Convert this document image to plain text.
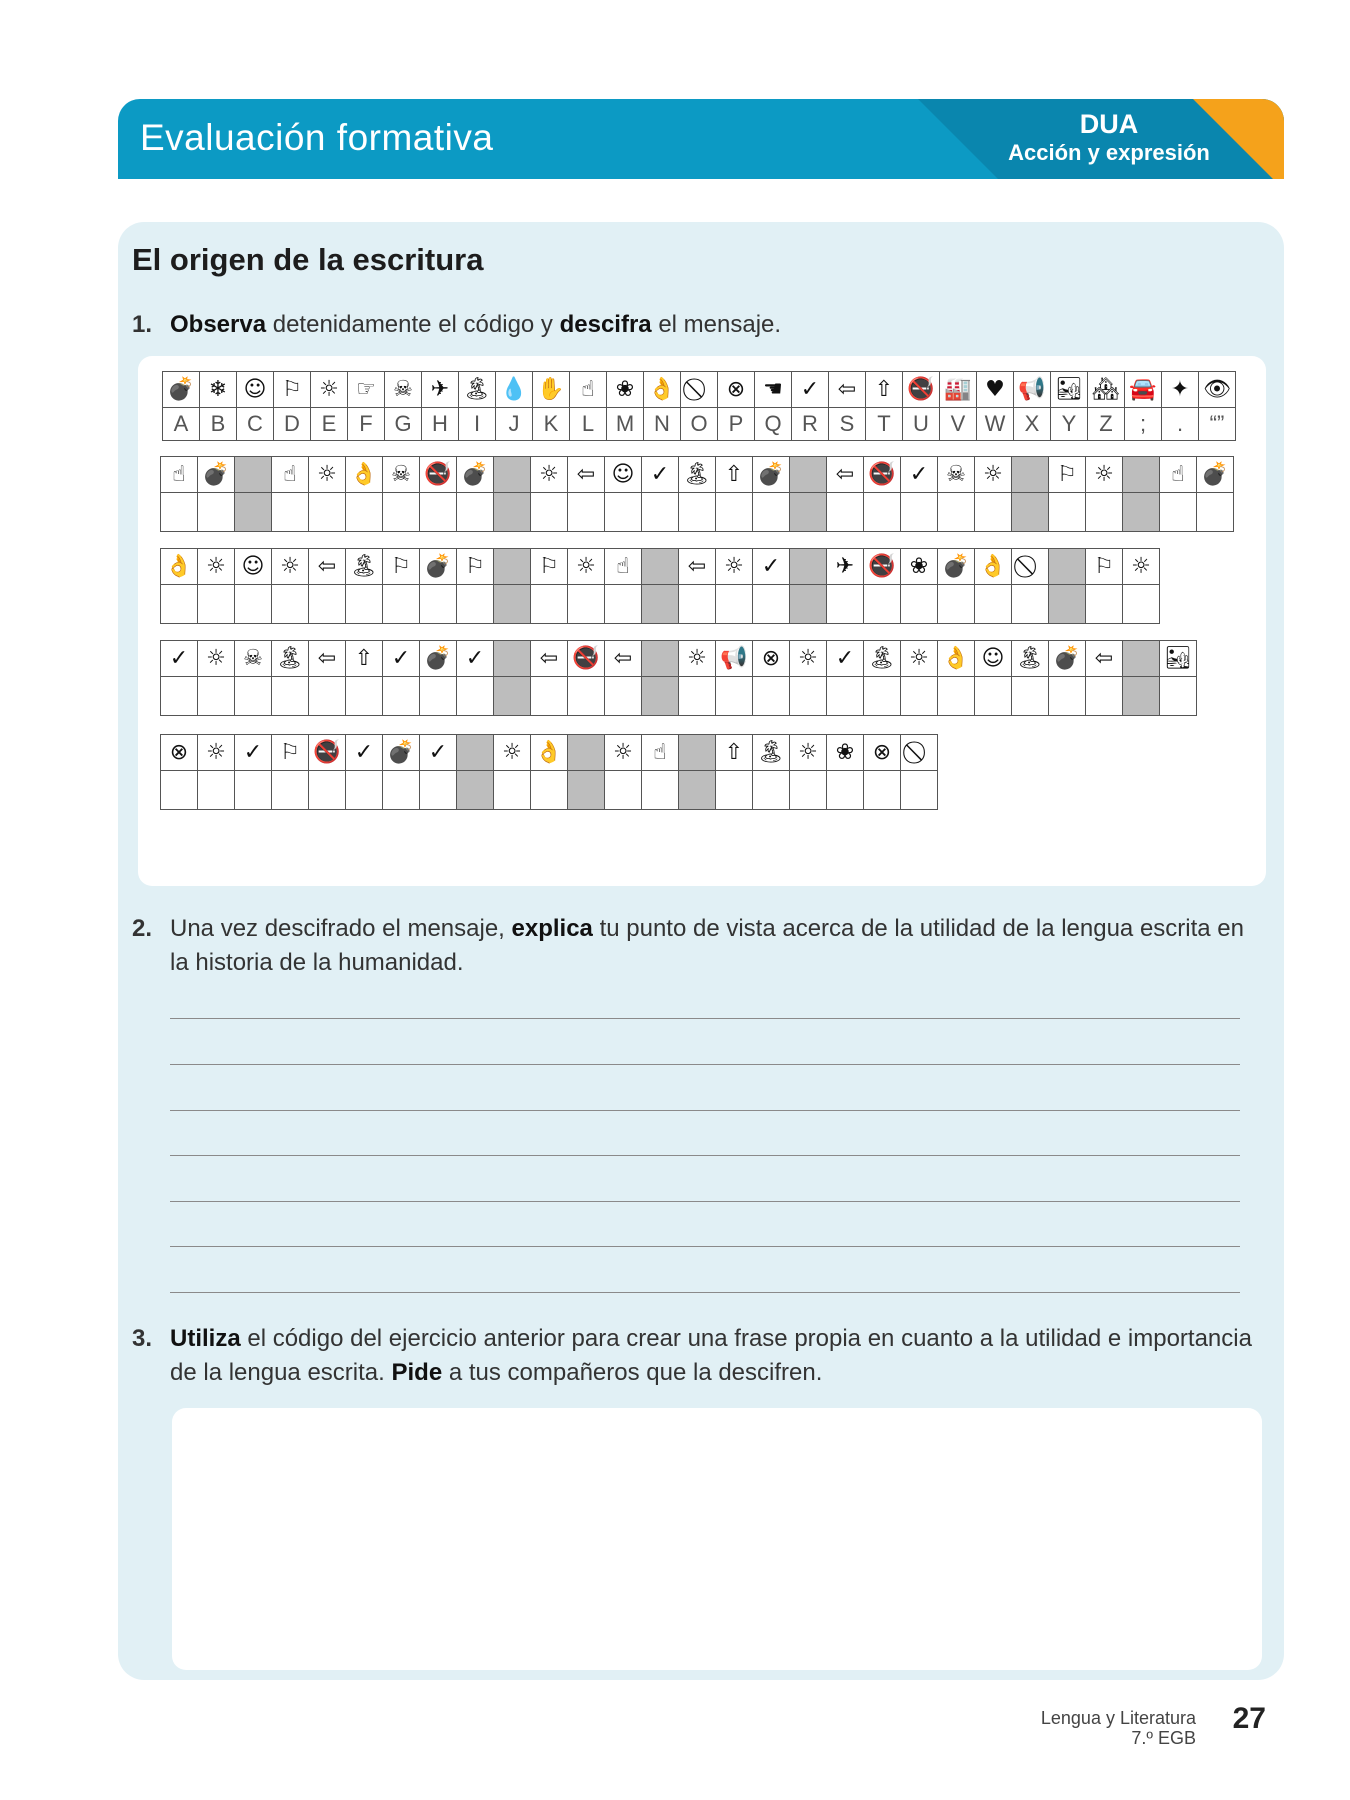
Evaluación formativa	DUA
Acción y expresión
El origen de la escritura
1. Observa detenidamente el código y descifra el mensaje.
💣	❄	☺	⚐	☼	☞	☠	✈	🏝	💧	✋	☝	❀	👌		⊗	☚	✓	⇦	⇧	🚭	🏭	♥	📢	🏜	🏘	🚘	✦	👁
A	B	C	D	E	F	G	H	I	J	K	L	M	N	O	P	Q	R	S	T	U	V	W	X	Y	Z	;	.	“”
☝	💣		☝	☼	👌	☠	🚭	💣		☼	⇦	☺	✓	🏝	⇧	💣		⇦	🚭	✓	☠	☼		⚐	☼		☝	💣

👌	☼	☺	☼	⇦	🏝	⚐	💣	⚐		⚐	☼	☝		⇦	☼	✓		✈	🚭	❀	💣	👌			⚐	☼

✓	☼	☠	🏝	⇦	⇧	✓	💣	✓		⇦	🚭	⇦		☼	📢	⊗	☼	✓	🏝	☼	👌	☺	🏝	💣	⇦		🏜

⊗	☼	✓	⚐	🚭	✓	💣	✓		☼	👌		☼	☝		⇧	🏝	☼	❀	⊗	

2. Una vez descifrado el mensaje, explica tu punto de vista acerca de la utilidad de la lengua escrita en
la historia de la humanidad.
3. Utiliza el código del ejercicio anterior para crear una frase propia en cuanto a la utilidad e importancia
de la lengua escrita. Pide a tus compañeros que la descifren.
Lengua y Literatura
7.º EGB
27
